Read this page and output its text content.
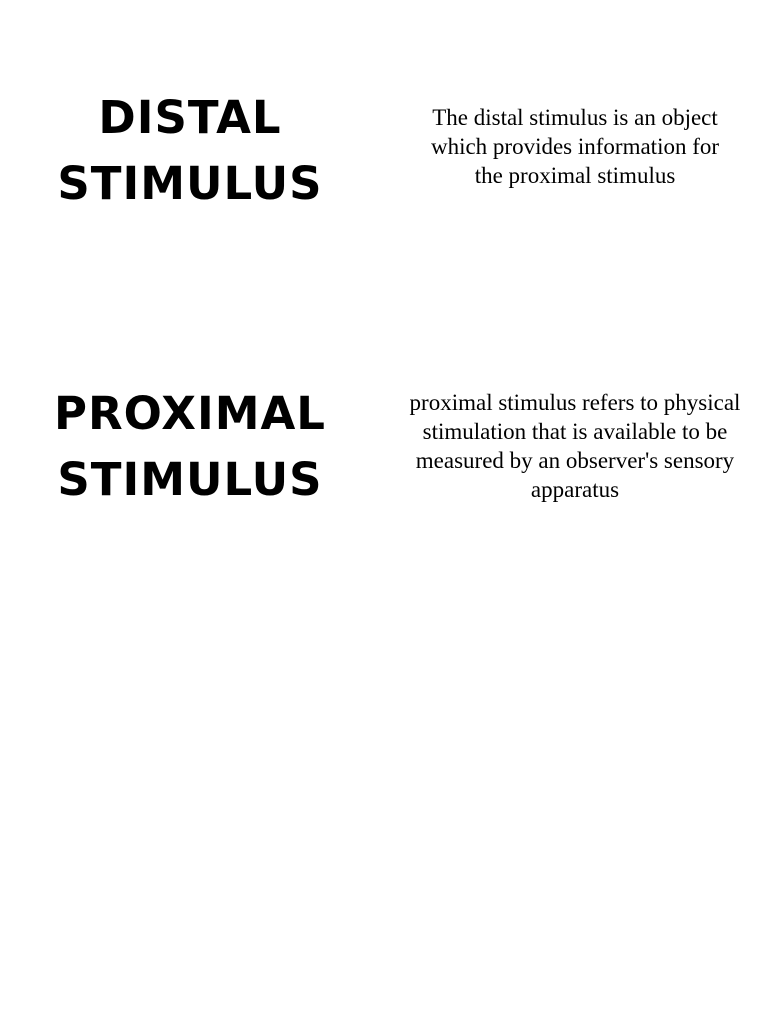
DISTAL
STIMULUS

The distal stimulus is an object
which provides information for
the proximal stimulus

PROXIMAL
STIMULUS

proximal stimulus refers to physical
stimulation that is available to be
measured by an observer's sensory
apparatus
